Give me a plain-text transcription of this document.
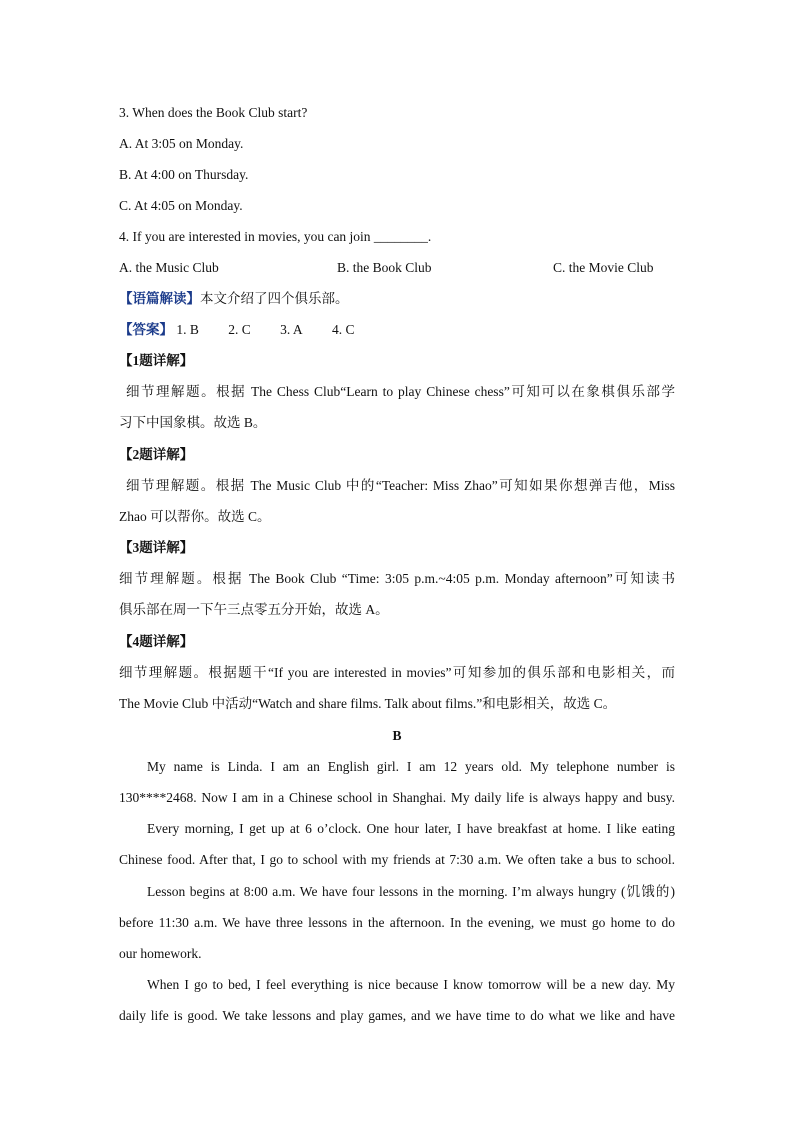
3. When does the Book Club start?
A. At 3:05 on Monday.
B. At 4:00 on Thursday.
C. At 4:05 on Monday.
4. If you are interested in movies, you can join ________.
A. the Music Club	B. the Book Club	C. the Movie Club
【语篇解读】本文介绍了四个俱乐部。
【答案】 1. B 2. C 3. A 4. C
【1题详解】
细节理解题。根据 The Chess Club“Learn to play Chinese chess”可知可以在象棋俱乐部学
习下中国象棋。故选 B。
【2题详解】
细节理解题。根据 The Music Club 中的“Teacher: Miss Zhao”可知如果你想弹吉他，Miss
Zhao 可以帮你。故选 C。
【3题详解】
细节理解题。根据 The Book Club “Time: 3:05 p.m.~4:05 p.m. Monday afternoon”可知读书
俱乐部在周一下午三点零五分开始，故选 A。
【4题详解】
细节理解题。根据题干“If you are interested in movies”可知参加的俱乐部和电影相关，而
The Movie Club 中活动“Watch and share films. Talk about films.”和电影相关，故选 C。
B
My name is Linda. I am an English girl. I am 12 years old. My telephone number is
130****2468. Now I am in a Chinese school in Shanghai. My daily life is always happy and busy.
Every morning, I get up at 6 o’clock. One hour later, I have breakfast at home. I like eating
Chinese food. After that, I go to school with my friends at 7:30 a.m. We often take a bus to school.
Lesson begins at 8:00 a.m. We have four lessons in the morning. I’m always hungry (饥饿的)
before 11:30 a.m. We have three lessons in the afternoon. In the evening, we must go home to do
our homework.
When I go to bed, I feel everything is nice because I know tomorrow will be a new day. My
daily life is good. We take lessons and play games, and we have time to do what we like and have
